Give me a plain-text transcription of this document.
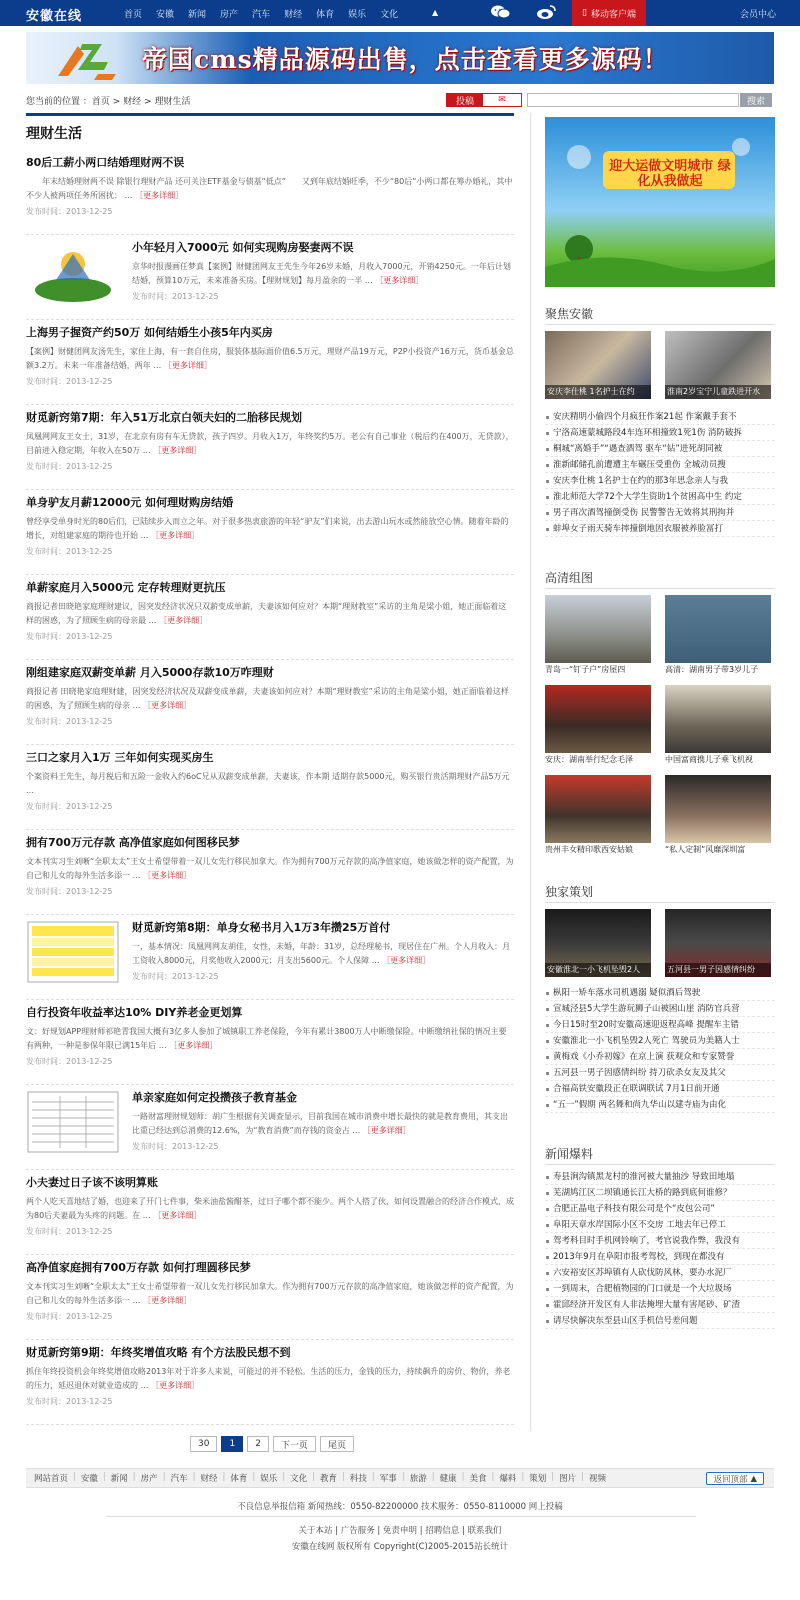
安徽在线	首页 安徽 新闻 房产 汽车 财经 体育 娱乐 文化	▲	▯ 移动客户端	会员中心
帝国cms精品源码出售，点击查看更多源码！
您当前的位置 ：首页 > 财经 > 理财生活	投稿	✉	搜索
理财生活
80后工薪小两口结婚理财两不误
　　年末结婚理财两不误 除银行理财产品 还可关注ETF基金与债基“低点”　　又到年底结婚旺季，不少“80后”小两口都在筹办婚礼，其中不少人被两项任务所困扰： … ［更多详细］
发布时间：2013-12-25
小年轻月入7000元 如何实现购房娶妻两不误
京华时报漫画任梦真【案例】财健团网友王先生今年26岁未婚，月收入7000元，开销4250元。一年后计划结婚，预算10万元，未来准备买房。【理财规划】每月盈余的一半 … ［更多详细］
发布时间：2013-12-25
上海男子握资产约50万 如何结婚生小孩5年内买房
【案例】财健团网友汤先生，家住上海，有一套自住房，服装体基际面价值6.5万元，理财产品19万元，P2P小投资产16万元，货币基金总额3.2万。未来一年准备结婚，两年 … ［更多详细］
发布时间：2013-12-25
财觅新窍第7期：年入51万北京白领夫妇的二胎移民规划
凤凰网网友王女士，31岁，在北京有房有车无贷款，孩子四岁。月收入1万，年终奖约5万。老公有自己事业（税后约在400万，无贷款），目前进入稳定期，年收入在50万 … ［更多详细］
发布时间：2013-12-25
单身驴友月薪12000元 如何理财购房结婚
曾经享受单身时光的80后们，已陆续步入而立之年。对于很多热衷旅游的年轻“驴友”们来说，出去游山玩水或然能放空心情。随着年龄的增长，对组建家庭的期待也开始 … ［更多详细］
发布时间：2013-12-25
单薪家庭月入5000元 定存转理财更抗压
商报记者田晓艳家庭理财建议，因突发经济状况只双薪变成单薪，夫妻该如何应对？本期“理财教室”采访的主角是梁小姐，她正面临着这样的困惑，为了照顾生病的母亲最 … ［更多详细］
发布时间：2013-12-25
刚组建家庭双薪变单薪 月入5000存款10万咋理财
商报记者 田晓艳家庭理财建，因突发经济状况及双薪变成单薪，夫妻该如何应对？本期“理财教室”采访的主角是梁小姐，她正面临着这样的困惑，为了照顾生病的母亲 … ［更多详细］
发布时间：2013-12-25
三口之家月入1万 三年如何实现买房生
个案资料王先生，每月税后和五险一金收入约6oC兄从双薪变成单薪，夫妻该，作本期 适期存款5000元，购买银行贵活期理财产品5万元 …
发布时间：2013-12-25
拥有700万元存款 高净值家庭如何图移民梦
文本刊实习生刘晰“全职太太”王女士希望带着一双儿女先行移民加拿大。作为拥有700万元存款的高净值家庭，她该做怎样的资产配置，为自己和儿女的每外生活多添一 … ［更多详细］
发布时间：2013-12-25
财觅新窍第8期：单身女秘书月入1万3年攒25万首付
一，基本情况：凤凰网网友胡佳，女性，未婚，年龄：31岁，总经理秘书，现居住在广州。个人月收入：月工资收入8000元，月奖他收入2000元；月支出5600元。个人保障 … ［更多详细］
发布时间：2013-12-25
自行投资年收益率达10% DIY养老金更划算
文：好规划APP理财师祁艳青我国大概有3亿多人参加了城镇职工养老保险，今年有累计3800万人中断缴保险。中断缴纳社保的情况主要有两种，一种是参保年限已满15年后 … ［更多详细］
发布时间：2013-12-25
单亲家庭如何定投攒孩子教育基金
一路财富理财规划师：胡广生根据有关调查显示，目前我国在城市消费中增长最快的就是教育费用，其支出比重已经达到总消费的12.6%，为“教育消费”而存钱的资金占 … ［更多详细］
发布时间：2013-12-25
小夫妻过日子该不该明算账
两个人吃天喜地结了婚，也迎来了开门七件事，柴米油盐酱醋茶，过日子哪个都不能少。两个人搭了伙，如何设置融合的经济合作模式，成为80后夫妻最为头疼的问题。在 … ［更多详细］
发布时间：2013-12-25
高净值家庭拥有700万存款 如何打理圆移民梦
文本刊实习生刘晰“全职太太”王女士希望带着一双儿女先行移民加拿大。作为拥有700万元存款的高净值家庭，她该做怎样的资产配置，为自己和儿女的每外生活多添一 … ［更多详细］
发布时间：2013-12-25
财觅新窍第9期：年终奖增值攻略 有个方法股民想不到
抓住年终投资机会年终奖增值攻略2013年对于许多人来说，可能过的并不轻松。生活的压力，金钱的压力，持续飙升的房价、物价，养老的压力，延迟退休对就业造成的 … ［更多详细］
发布时间：2013-12-25
30	1	2	下一页	尾页
迎大运做文明城市 绿化从我做起
聚焦安徽
安庆李仕桃 1名护士在约	淮南2岁宝宁儿童跌进开水
安庆精明小偷四个月疯狂作案21起 作案戴手套不
宁洛高速蒙城路段4车连环相撞致1死1伤 消防破拆
桐城“离婚手”“遇查酒驾 驱车“钻”进死胡同被
淮新邮储孔前遭遭主车碾压受重伤 全城动员搜
安庆李仕桃 1名护士在约的那3年思念亲人与我
淮北师范大学72个大学生资助1个贫困高中生 约定
男子再次酒驾撞倒受伤 民警警告无效将其刑拘并
蚌埠女子雨天骑车摔撞倒地因衣服被养脸冨打
高清组图
青岛一“钉子户”房屋四	高清：湖南男子带3岁儿子
安庆：湖南举行纪念毛泽	中国富商携儿子乘飞机视
贵州丰女精印歌西安姑娘	“私人定制”风靡深圳富
独家策划
安徽淮北一小飞机坠毁2人	五河县一男子因感情纠纷
枞阳一矫车落水司机遇溺 疑似酒后驾驶
宣城泾县5大学生游玩狮子山被困山崖 消防官兵营
今日15时至20时安徽高速迎返程高峰 提醒车主错
安徽淮北一小飞机坠毁2人死亡 驾驶员为美籍人士
黄梅戏《小乔初嫁》在京上演 获观众和专家赞誉
五河县一男子因感情纠纷 持刀砍杀女友及其父
合福高铁安徽段正在联调联试 7月1日前开通
“五一”假期 两名舞和尚九华山以建寺庙为由化
新闻爆料
寿县涧沟镇黑龙村的淮河被大量抽沙 导致田地塌
芜湖鸠江区二坝镇通长江大桥的路到底何谁修？
合肥正晶电子科技有限公司是个“皮包公司”
阜阳天章水岸国际小区不交房 工地去年已停工
驾考科目时手机网铃响了，考官说我作弊，我没有
2013年9月在阜阳市报考驾校，到现在都没有
六安裕安区苏埠镇有人砍伐防风林，要办水泥厂
一到周末，合肥植物园的门口就是一个大垃圾场
霍邱经济开发区有人非法掩埋大量有害尾砂、矿渣
请尽快解决东至县山区手机信号差问题
网站首页 | 安徽 | 新闻 | 房产 | 汽车 | 财经 | 体育 | 娱乐 | 文化 | 教育 | 科技 | 军事 | 旅游 | 健康 | 美食 | 爆料 | 策划 | 图片 | 视频	返回顶部 ▲
不良信息举报信箱 新闻热线：0550-82200000 技术服务：0550-8110000 网上投稿
关于本站 | 广告服务 | 免责申明 | 招聘信息 | 联系我们
安徽在线网 版权所有 Copyright(C)2005-2015站长统计
